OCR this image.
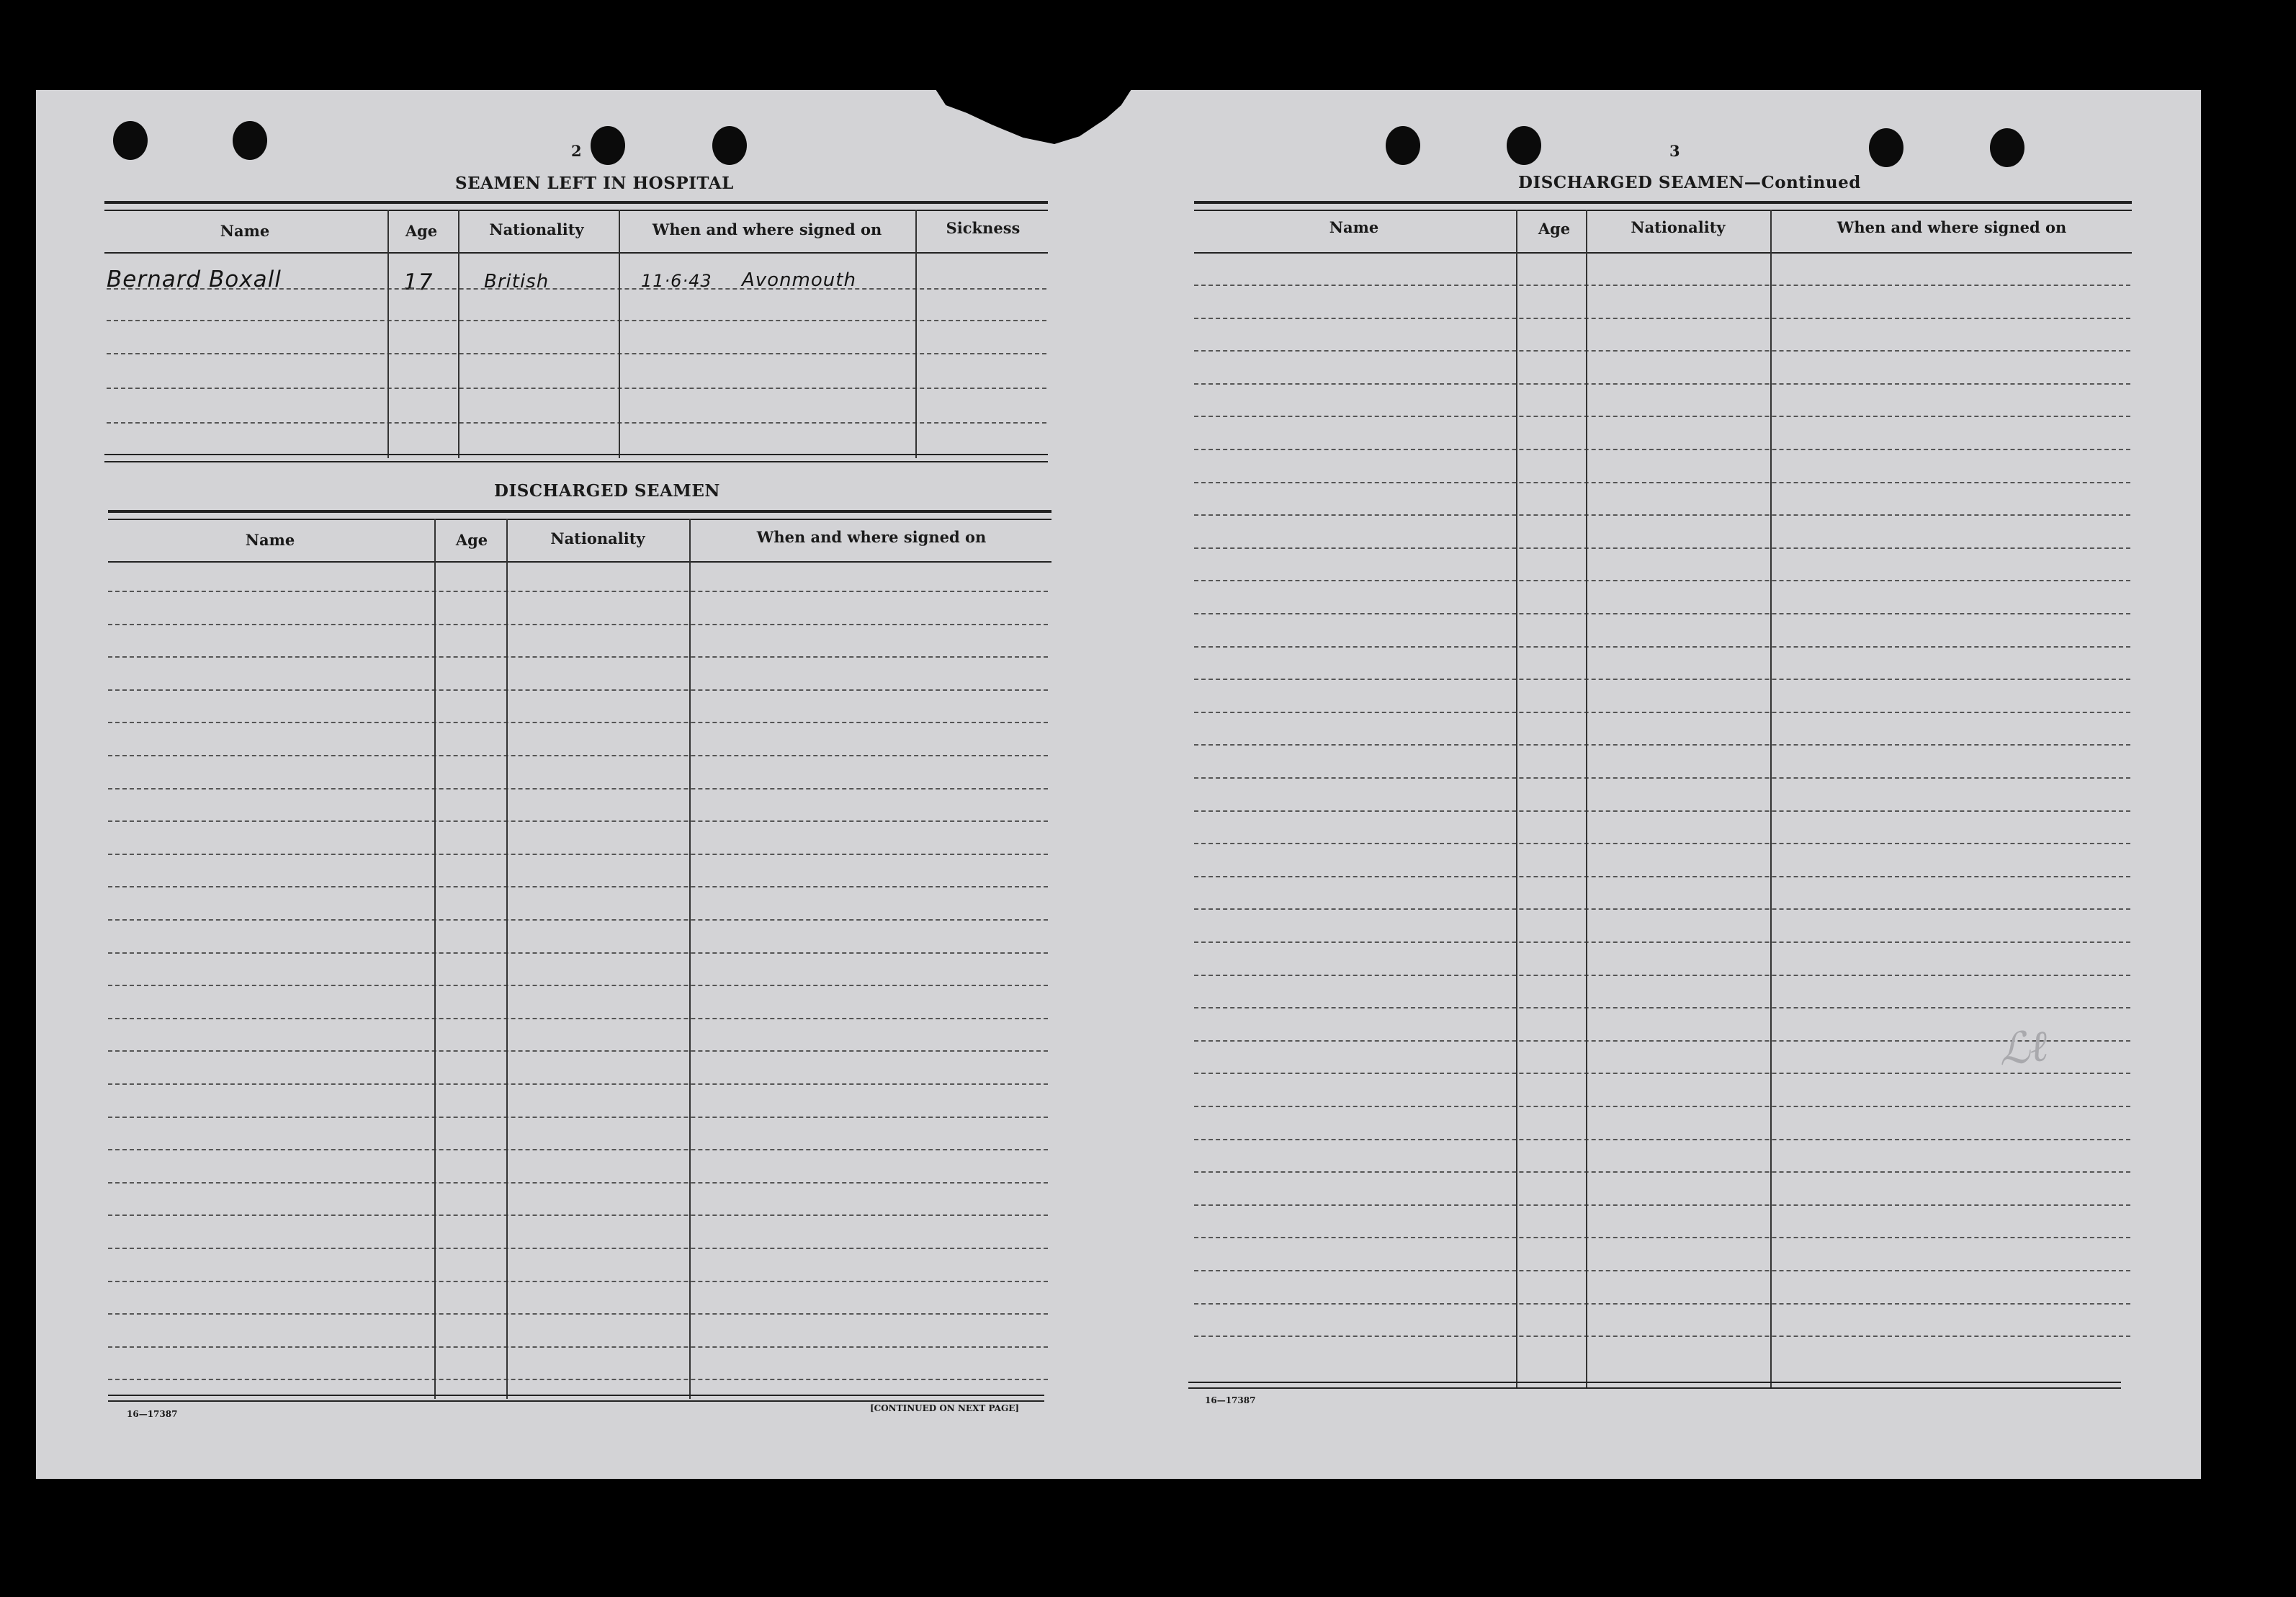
2
SEAMEN LEFT IN HOSPITAL
Name	Age	Nationality	When and where signed on	Sickness
Bernard Boxall	17	British	11·6·43 Avonmouth
DISCHARGED SEAMEN
Name	Age	Nationality	When and where signed on
16—17387
[CONTINUED ON NEXT PAGE]
3
DISCHARGED SEAMEN—Continued
Name	Age	Nationality	When and where signed on
16—17387
ℒℓ
